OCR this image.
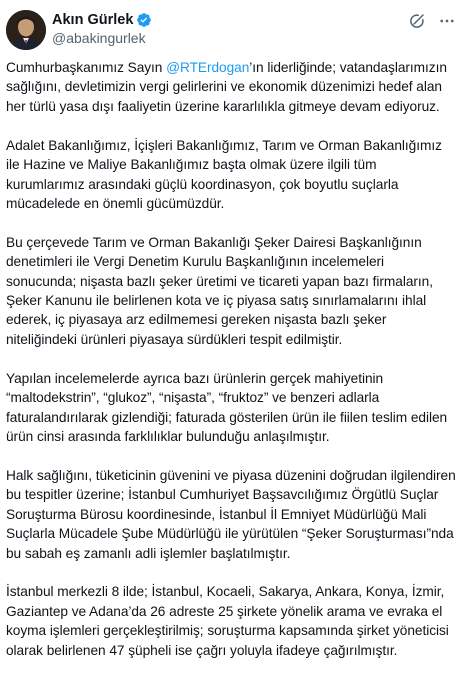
Akın Gürlek
@abakingurlek

Cumhurbaşkanımız Sayın @RTErdogan’ın liderliğinde; vatandaşlarımızın sağlığını, devletimizin vergi gelirlerini ve ekonomik düzenimizi hedef alan her türlü yasa dışı faaliyetin üzerine kararlılıkla gitmeye devam ediyoruz.

Adalet Bakanlığımız, İçişleri Bakanlığımız, Tarım ve Orman Bakanlığımız ile Hazine ve Maliye Bakanlığımız başta olmak üzere ilgili tüm kurumlarımız arasındaki güçlü koordinasyon, çok boyutlu suçlarla mücadelede en önemli gücümüzdür.

Bu çerçevede Tarım ve Orman Bakanlığı Şeker Dairesi Başkanlığının denetimleri ile Vergi Denetim Kurulu Başkanlığının incelemeleri sonucunda; nişasta bazlı şeker üretimi ve ticareti yapan bazı firmaların, Şeker Kanunu ile belirlenen kota ve iç piyasa satış sınırlamalarını ihlal ederek, iç piyasaya arz edilmemesi gereken nişasta bazlı şeker niteliğindeki ürünleri piyasaya sürdükleri tespit edilmiştir.

Yapılan incelemelerde ayrıca bazı ürünlerin gerçek mahiyetinin “maltodekstrin”, “glukoz”, “nişasta”, “fruktoz” ve benzeri adlarla faturalandırılarak gizlendiği; faturada gösterilen ürün ile fiilen teslim edilen ürün cinsi arasında farklılıklar bulunduğu anlaşılmıştır.

Halk sağlığını, tüketicinin güvenini ve piyasa düzenini doğrudan ilgilendiren bu tespitler üzerine; İstanbul Cumhuriyet Başsavcılığımız Örgütlü Suçlar Soruşturma Bürosu koordinesinde, İstanbul İl Emniyet Müdürlüğü Mali Suçlarla Mücadele Şube Müdürlüğü ile yürütülen “Şeker Soruşturması”nda bu sabah eş zamanlı adli işlemler başlatılmıştır.

İstanbul merkezli 8 ilde; İstanbul, Kocaeli, Sakarya, Ankara, Konya, İzmir, Gaziantep ve Adana’da 26 adreste 25 şirkete yönelik arama ve evraka el koyma işlemleri gerçekleştirilmiş; soruşturma kapsamında şirket yöneticisi olarak belirlenen 47 şüpheli ise çağrı yoluyla ifadeye çağırılmıştır.
